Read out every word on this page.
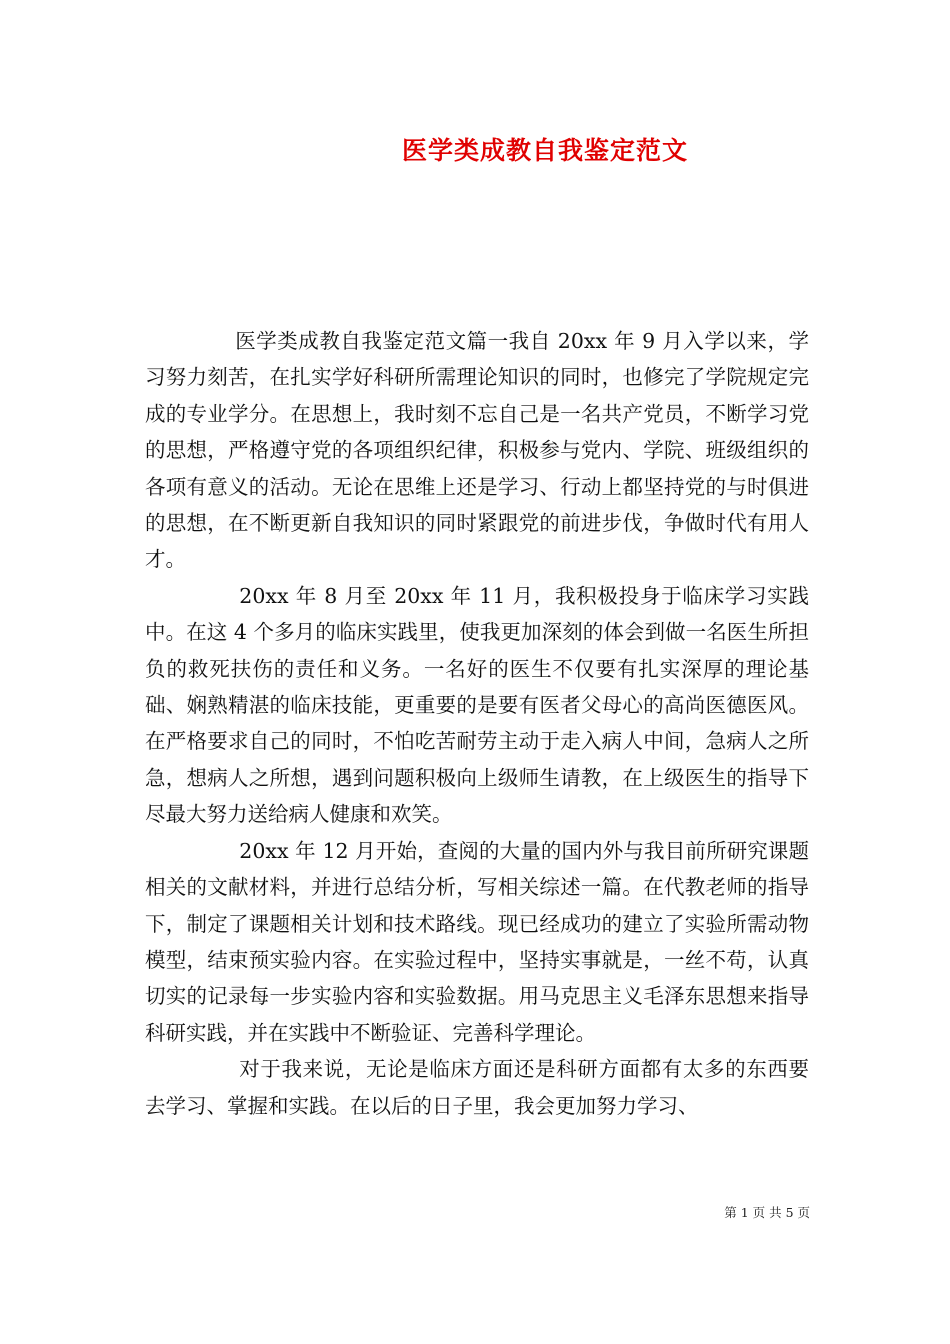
医学类成教自我鉴定范文

医学类成教自我鉴定范文篇一我自 20xx 年 9 月入学以来，学习努力刻苦，在扎实学好科研所需理论知识的同时，也修完了学院规定完成的专业学分。在思想上，我时刻不忘自己是一名共产党员，不断学习党的思想，严格遵守党的各项组织纪律，积极参与党内、学院、班级组织的各项有意义的活动。无论在思维上还是学习、行动上都坚持党的与时俱进的思想，在不断更新自我知识的同时紧跟党的前进步伐，争做时代有用人才。

20xx 年 8 月至 20xx 年 11 月，我积极投身于临床学习实践中。在这 4 个多月的临床实践里，使我更加深刻的体会到做一名医生所担负的救死扶伤的责任和义务。一名好的医生不仅要有扎实深厚的理论基础、娴熟精湛的临床技能，更重要的是要有医者父母心的高尚医德医风。在严格要求自己的同时，不怕吃苦耐劳主动于走入病人中间，急病人之所急，想病人之所想，遇到问题积极向上级师生请教，在上级医生的指导下尽最大努力送给病人健康和欢笑。

20xx 年 12 月开始，查阅的大量的国内外与我目前所研究课题相关的文献材料，并进行总结分析，写相关综述一篇。在代教老师的指导下，制定了课题相关计划和技术路线。现已经成功的建立了实验所需动物模型，结束预实验内容。在实验过程中，坚持实事就是，一丝不苟，认真切实的记录每一步实验内容和实验数据。用马克思主义毛泽东思想来指导科研实践，并在实践中不断验证、完善科学理论。

对于我来说，无论是临床方面还是科研方面都有太多的东西要去学习、掌握和实践。在以后的日子里，我会更加努力学习、

第 1 页 共 5 页
